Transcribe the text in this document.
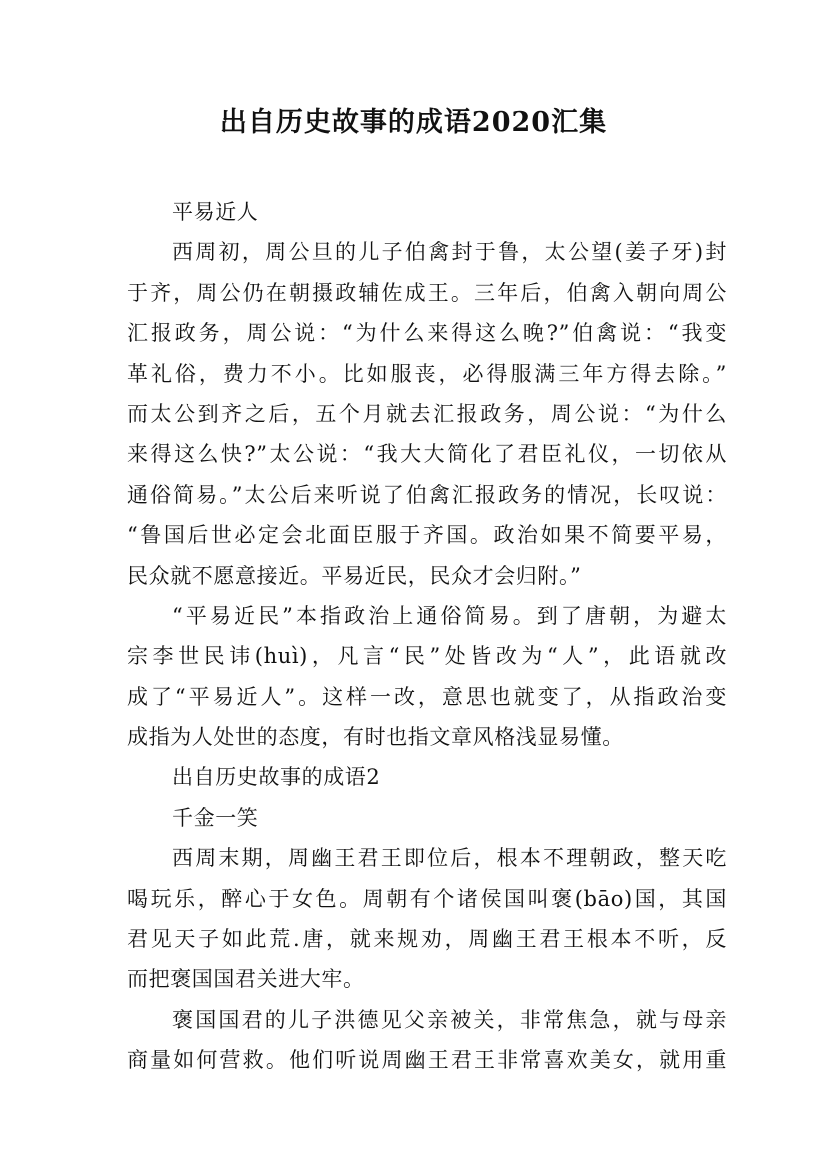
出自历史故事的成语2020汇集
平易近人
西周初，周公旦的儿子伯禽封于鲁，太公望(姜子牙)封
于齐，周公仍在朝摄政辅佐成王。三年后，伯禽入朝向周公
汇报政务，周公说：“为什么来得这么晚?”伯禽说：“我变
革礼俗，费力不小。比如服丧，必得服满三年方得去除。”
而太公到齐之后，五个月就去汇报政务，周公说：“为什么
来得这么快?”太公说：“我大大简化了君臣礼仪，一切依从
通俗简易。”太公后来听说了伯禽汇报政务的情况，长叹说：
“鲁国后世必定会北面臣服于齐国。政治如果不简要平易，
民众就不愿意接近。平易近民，民众才会归附。”
“平易近民”本指政治上通俗简易。到了唐朝，为避太
宗李世民讳(huì)，凡言“民”处皆改为“人”，此语就改
成了“平易近人”。这样一改，意思也就变了，从指政治变
成指为人处世的态度，有时也指文章风格浅显易懂。
出自历史故事的成语2
千金一笑
西周末期，周幽王君王即位后，根本不理朝政，整天吃
喝玩乐，醉心于女色。周朝有个诸侯国叫褒(bāo)国，其国
君见天子如此荒.唐，就来规劝，周幽王君王根本不听，反
而把褒国国君关进大牢。
褒国国君的儿子洪德见父亲被关，非常焦急，就与母亲
商量如何营救。他们听说周幽王君王非常喜欢美女，就用重
